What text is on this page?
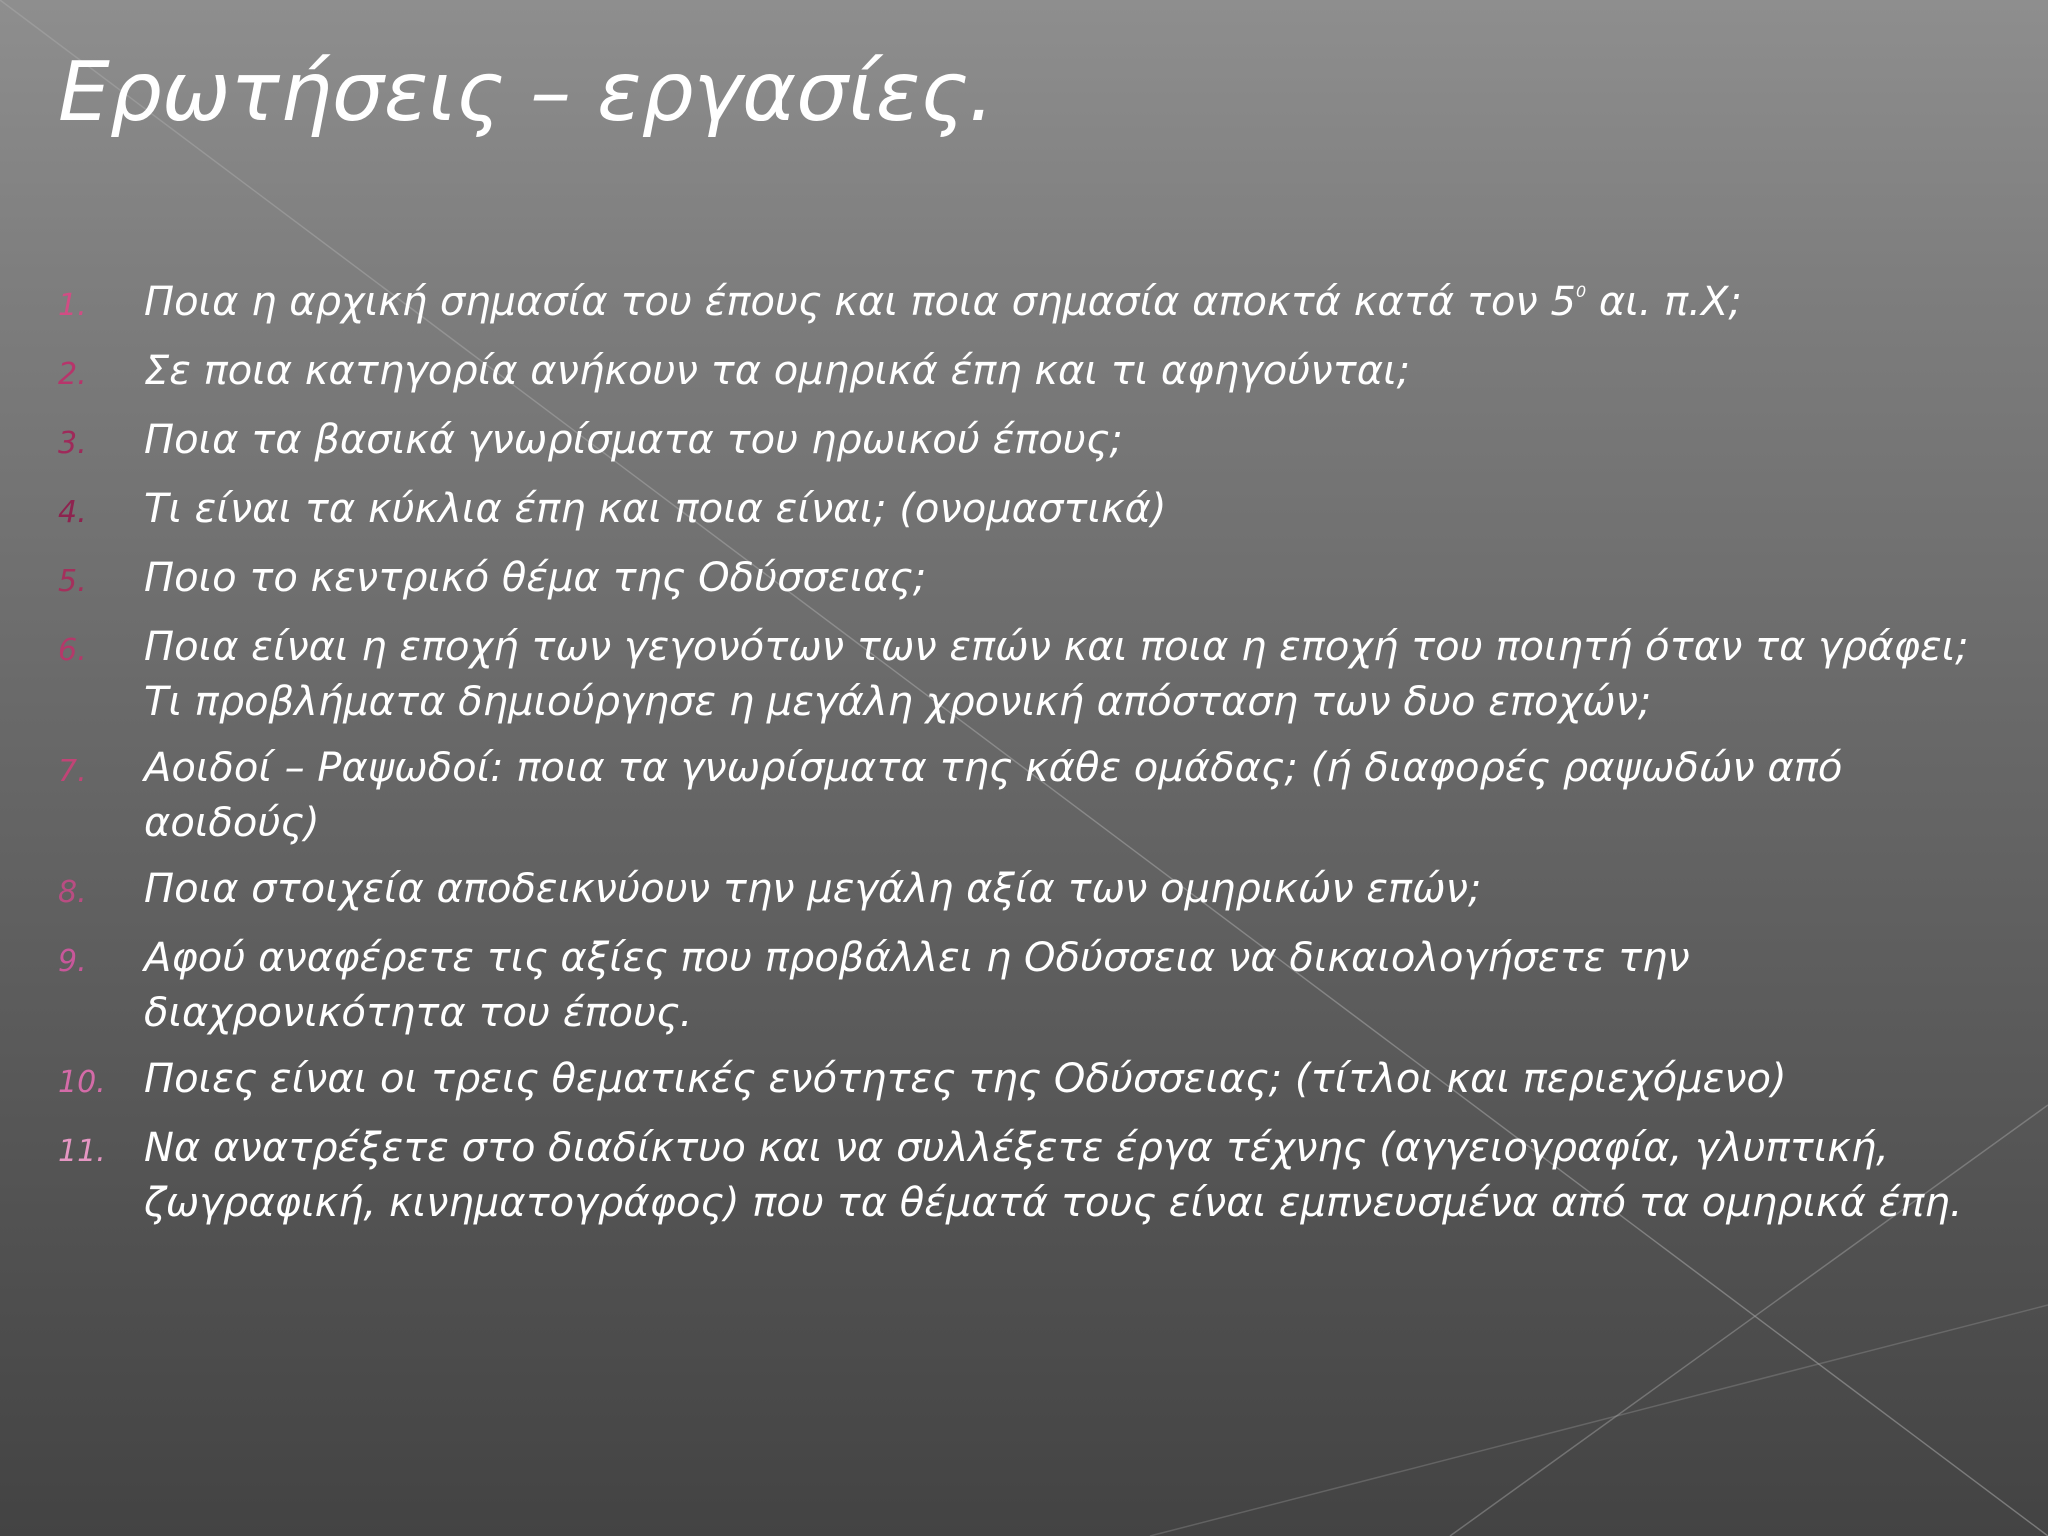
Ερωτήσεις – εργασίες.
1.	Ποια η αρχική σημασία του έπους και ποια σημασία αποκτά κατά τον $5^0$ αι. π.Χ;
2.	Σε ποια κατηγορία ανήκουν τα ομηρικά έπη και τι αφηγούνται;
3.	Ποια τα βασικά γνωρίσματα του ηρωικού έπους;
4.	Τι είναι τα κύκλια έπη και ποια είναι; (ονομαστικά)
5.	Ποιο το κεντρικό θέμα της Οδύσσειας;
6.	Ποια είναι η εποχή των γεγονότων των επών και ποια η εποχή του ποιητή όταν τα γράφει; Τι προβλήματα δημιούργησε η μεγάλη χρονική απόσταση των δυο εποχών;
7.	Αοιδοί – Ραψωδοί: ποια τα γνωρίσματα της κάθε ομάδας; (ή διαφορές ραψωδών από αοιδούς)
8.	Ποια στοιχεία αποδεικνύουν την μεγάλη αξία των ομηρικών επών;
9.	Αφού αναφέρετε τις αξίες που προβάλλει η Οδύσσεια να δικαιολογήσετε την διαχρονικότητα του έπους.
10. Ποιες είναι οι τρεις θεματικές ενότητες της Οδύσσειας; (τίτλοι και περιεχόμενο)
11. Να ανατρέξετε στο διαδίκτυο και να συλλέξετε έργα τέχνης (αγγειογραφία, γλυπτική, ζωγραφική, κινηματογράφος) που τα θέματά τους είναι εμπνευσμένα από τα ομηρικά έπη.
